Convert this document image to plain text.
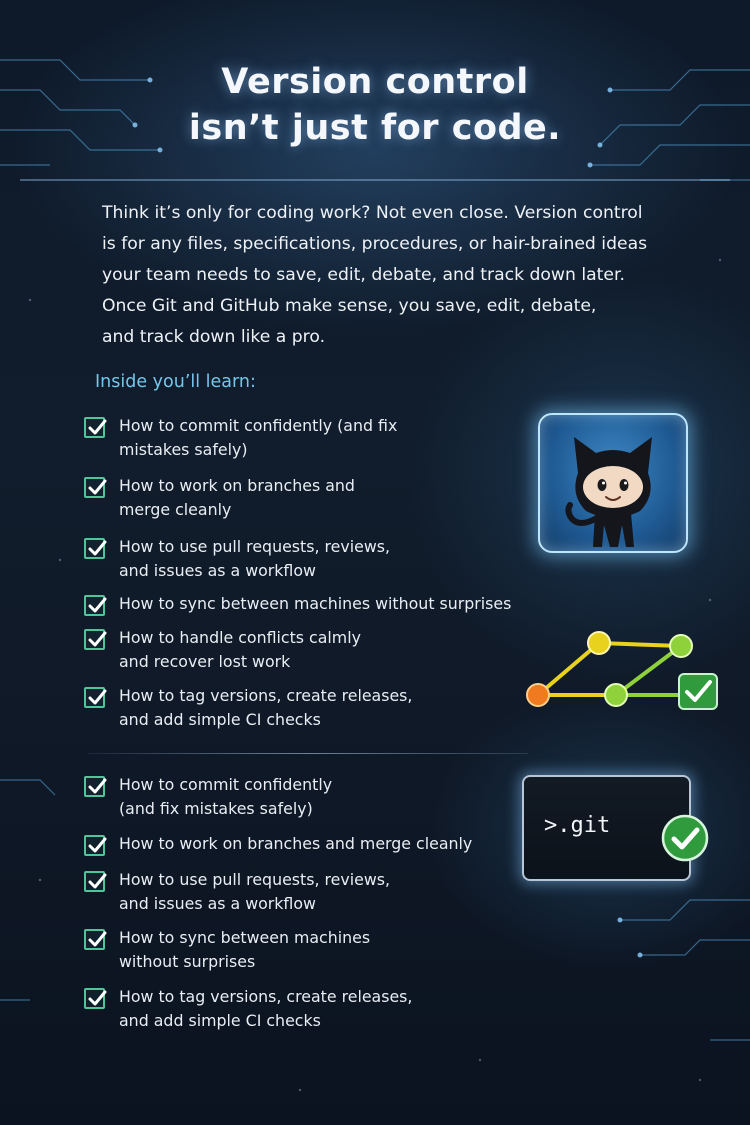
Version control
isn’t just for code.
Think it’s only for coding work? Not even close. Version control
is for any files, specifications, procedures, or hair-brained ideas
your team needs to save, edit, debate, and track down later.
Once Git and GitHub make sense, you save, edit, debate,
and track down like a pro.
Inside you’ll learn:
How to commit confidently (and fix
mistakes safely)
How to work on branches and
merge cleanly
How to use pull requests, reviews,
and issues as a workflow
How to sync between machines without surprises
How to handle conflicts calmly
and recover lost work
How to tag versions, create releases,
and add simple CI checks
How to commit confidently
(and fix mistakes safely)
How to work on branches and merge cleanly
How to use pull requests, reviews,
and issues as a workflow
How to sync between machines
without surprises
How to tag versions, create releases,
and add simple CI checks
>.git
